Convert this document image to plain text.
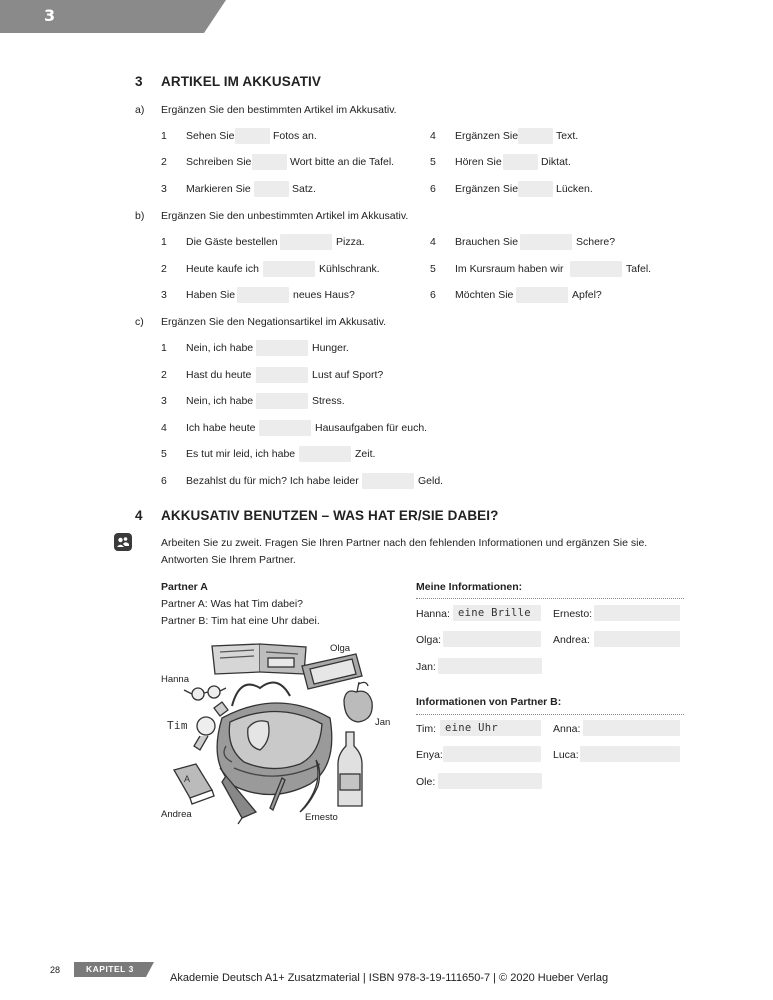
3
3 ARTIKEL IM AKKUSATIV
a) Ergänzen Sie den bestimmten Artikel im Akkusativ.
1 Sehen Sie	Fotos an.
2 Schreiben Sie	Wort bitte an die Tafel.
3 Markieren Sie	Satz.
4 Ergänzen Sie	Text.
5 Hören Sie	Diktat.
6 Ergänzen Sie	Lücken.
b) Ergänzen Sie den unbestimmten Artikel im Akkusativ.
1 Die Gäste bestellen	Pizza.
2 Heute kaufe ich	Kühlschrank.
3 Haben Sie	neues Haus?
4 Brauchen Sie	Schere?
5 Im Kursraum haben wir	Tafel.
6 Möchten Sie	Apfel?
c) Ergänzen Sie den Negationsartikel im Akkusativ.
1 Nein, ich habe	Hunger.
2 Hast du heute	Lust auf Sport?
3 Nein, ich habe	Stress.
4 Ich habe heute	Hausaufgaben für euch.
5 Es tut mir leid, ich habe	Zeit.
6 Bezahlst du für mich? Ich habe leider	Geld.
4 AKKUSATIV BENUTZEN – WAS HAT ER/SIE DABEI?
Arbeiten Sie zu zweit. Fragen Sie Ihren Partner nach den fehlenden Informationen und ergänzen Sie sie.
Antworten Sie Ihrem Partner.
Partner A
Partner A: Was hat Tim dabei?
Partner B: Tim hat eine Uhr dabei.
A
Olga
Hanna
Tim	Jan
Andrea	Ernesto
Meine Informationen:
Hanna: eine Brille Ernesto:
Olga:	Andrea:
Jan:
Informationen von Partner B:
Tim: eine Uhr	Anna:
Enya:	Luca:
Ole:
28	KAPITEL 3
Akademie Deutsch A1+ Zusatzmaterial | ISBN 978-3-19-111650-7 | © 2020 Hueber Verlag
